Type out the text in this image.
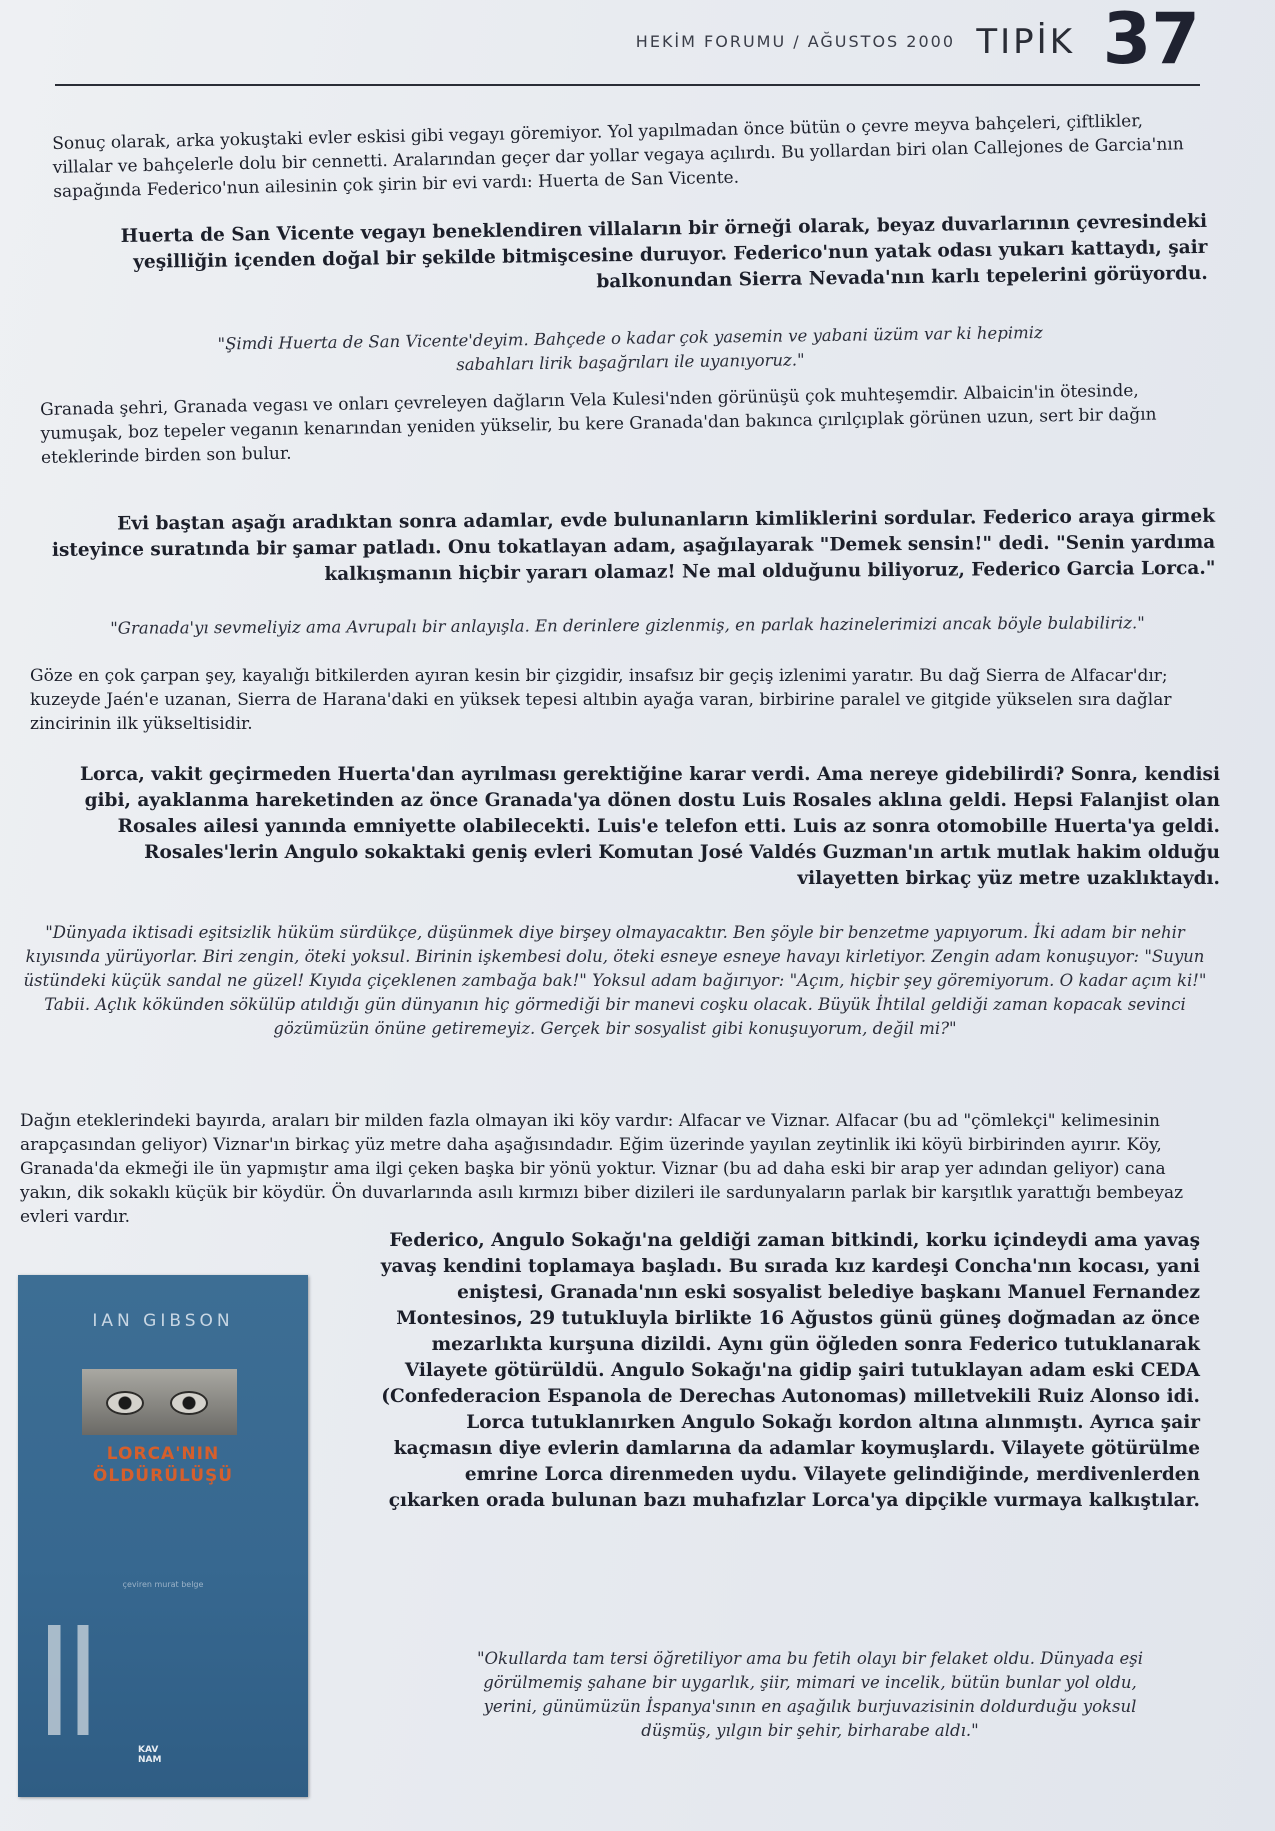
HEKİM FORUMU / AĞUSTOS 2000 TIPİK 37

Sonuç olarak, arka yokuştaki evler eskisi gibi vegayı göremiyor. Yol yapılmadan önce bütün o çevre meyva bahçeleri, çiftlikler, villalar ve bahçelerle dolu bir cennetti. Aralarından geçer dar yollar vegaya açılırdı. Bu yollardan biri olan Callejones de Garcia'nın sapağında Federico'nun ailesinin çok şirin bir evi vardı: Huerta de San Vicente.

Huerta de San Vicente vegayı beneklendiren villaların bir örneği olarak, beyaz duvarlarının çevresindeki yeşilliğin içenden doğal bir şekilde bitmişcesine duruyor. Federico'nun yatak odası yukarı kattaydı, şair balkonundan Sierra Nevada'nın karlı tepelerini görüyordu.

"Şimdi Huerta de San Vicente'deyim. Bahçede o kadar çok yasemin ve yabani üzüm var ki hepimiz sabahları lirik başağrıları ile uyanıyoruz."

Granada şehri, Granada vegası ve onları çevreleyen dağların Vela Kulesi'nden görünüşü çok muhteşemdir. Albaicin'in ötesinde, yumuşak, boz tepeler veganın kenarından yeniden yükselir, bu kere Granada'dan bakınca çırılçıplak görünen uzun, sert bir dağın eteklerinde birden son bulur.

Evi baştan aşağı aradıktan sonra adamlar, evde bulunanların kimliklerini sordular. Federico araya girmek isteyince suratında bir şamar patladı. Onu tokatlayan adam, aşağılayarak "Demek sensin!" dedi. "Senin yardıma kalkışmanın hiçbir yararı olamaz! Ne mal olduğunu biliyoruz, Federico Garcia Lorca."

"Granada'yı sevmeliyiz ama Avrupalı bir anlayışla. En derinlere gizlenmiş, en parlak hazinelerimizi ancak böyle bulabiliriz."

Göze en çok çarpan şey, kayalığı bitkilerden ayıran kesin bir çizgidir, insafsız bir geçiş izlenimi yaratır. Bu dağ Sierra de Alfacar'dır; kuzeyde Jaén'e uzanan, Sierra de Harana'daki en yüksek tepesi altıbin ayağa varan, birbirine paralel ve gitgide yükselen sıra dağlar zincirinin ilk yükseltisidir.

Lorca, vakit geçirmeden Huerta'dan ayrılması gerektiğine karar verdi. Ama nereye gidebilirdi? Sonra, kendisi gibi, ayaklanma hareketinden az önce Granada'ya dönen dostu Luis Rosales aklına geldi. Hepsi Falanjist olan Rosales ailesi yanında emniyette olabilecekti. Luis'e telefon etti. Luis az sonra otomobille Huerta'ya geldi. Rosales'lerin Angulo sokaktaki geniş evleri Komutan José Valdés Guzman'ın artık mutlak hakim olduğu vilayetten birkaç yüz metre uzaklıktaydı.

"Dünyada iktisadi eşitsizlik hüküm sürdükçe, düşünmek diye birşey olmayacaktır. Ben şöyle bir benzetme yapıyorum. İki adam bir nehir kıyısında yürüyorlar. Biri zengin, öteki yoksul. Birinin işkembesi dolu, öteki esneye esneye havayı kirletiyor. Zengin adam konuşuyor: "Suyun üstündeki küçük sandal ne güzel! Kıyıda çiçeklenen zambağa bak!" Yoksul adam bağırıyor: "Açım, hiçbir şey göremiyorum. O kadar açım ki!" Tabii. Açlık kökünden sökülüp atıldığı gün dünyanın hiç görmediği bir manevi coşku olacak. Büyük İhtilal geldiği zaman kopacak sevinci gözümüzün önüne getiremeyiz. Gerçek bir sosyalist gibi konuşuyorum, değil mi?"

Dağın eteklerindeki bayırda, araları bir milden fazla olmayan iki köy vardır: Alfacar ve Viznar. Alfacar (bu ad "çömlekçi" kelimesinin arapçasından geliyor) Viznar'ın birkaç yüz metre daha aşağısındadır. Eğim üzerinde yayılan zeytinlik iki köyü birbirinden ayırır. Köy, Granada'da ekmeği ile ün yapmıştır ama ilgi çeken başka bir yönü yoktur. Viznar (bu ad daha eski bir arap yer adından geliyor) cana yakın, dik sokaklı küçük bir köydür. Ön duvarlarında asılı kırmızı biber dizileri ile sardunyaların parlak bir karşıtlık yarattığı bembeyaz evleri vardır.

Federico, Angulo Sokağı'na geldiği zaman bitkindi, korku içindeydi ama yavaş yavaş kendini toplamaya başladı. Bu sırada kız kardeşi Concha'nın kocası, yani eniştesi, Granada'nın eski sosyalist belediye başkanı Manuel Fernandez Montesinos, 29 tutukluyla birlikte 16 Ağustos günü güneş doğmadan az önce mezarlıkta kurşuna dizildi. Aynı gün öğleden sonra Federico tutuklanarak Vilayete götürüldü. Angulo Sokağı'na gidip şairi tutuklayan adam eski CEDA (Confederacion Espanola de Derechas Autonomas) milletvekili Ruiz Alonso idi. Lorca tutuklanırken Angulo Sokağı kordon altına alınmıştı. Ayrıca şair kaçmasın diye evlerin damlarına da adamlar koymuşlardı. Vilayete götürülme emrine Lorca direnmeden uydu. Vilayete gelindiğinde, merdivenlerden çıkarken orada bulunan bazı muhafızlar Lorca'ya dipçikle vurmaya kalkıştılar.

"Okullarda tam tersi öğretiliyor ama bu fetih olayı bir felaket oldu. Dünyada eşi görülmemiş şahane bir uygarlık, şiir, mimari ve incelik, bütün bunlar yol oldu, yerini, günümüzün İspanya'sının en aşağılık burjuvazisinin doldurduğu yoksul düşmüş, yılgın bir şehir, birharabe aldı."

IAN GIBSON
LORCA'NIN
ÖLDÜRÜLÜŞÜ
çeviren murat belge
KAV NAM
